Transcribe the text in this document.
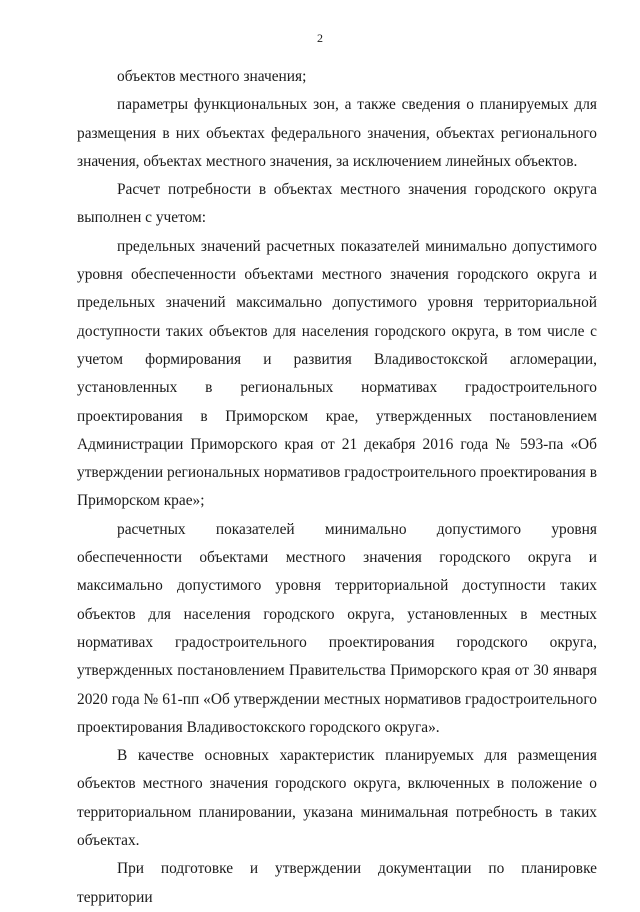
2

объектов местного значения;

параметры функциональных зон, а также сведения о планируемых для размещения в них объектах федерального значения, объектах регионального значения, объектах местного значения, за исключением линейных объектов.

Расчет потребности в объектах местного значения городского округа выполнен с учетом:

предельных значений расчетных показателей минимально допустимого уровня обеспеченности объектами местного значения городского округа и предельных значений максимально допустимого уровня территориальной доступности таких объектов для населения городского округа, в том числе с учетом формирования и развития Владивостокской агломерации, установленных в региональных нормативах градостроительного проектирования в Приморском крае, утвержденных постановлением Администрации Приморского края от 21 декабря 2016 года № 593-па «Об утверждении региональных нормативов градостроительного проектирования в Приморском крае»;

расчетных показателей минимально допустимого уровня обеспеченности объектами местного значения городского округа и максимально допустимого уровня территориальной доступности таких объектов для населения городского округа, установленных в местных нормативах градостроительного проектирования городского округа, утвержденных постановлением Правительства Приморского края от 30 января 2020 года № 61-пп «Об утверждении местных нормативов градостроительного проектирования Владивостокского городского округа».

В качестве основных характеристик планируемых для размещения объектов местного значения городского округа, включенных в положение о территориальном планировании, указана минимальная потребность в таких объектах.

При подготовке и утверждении документации по планировке территории
